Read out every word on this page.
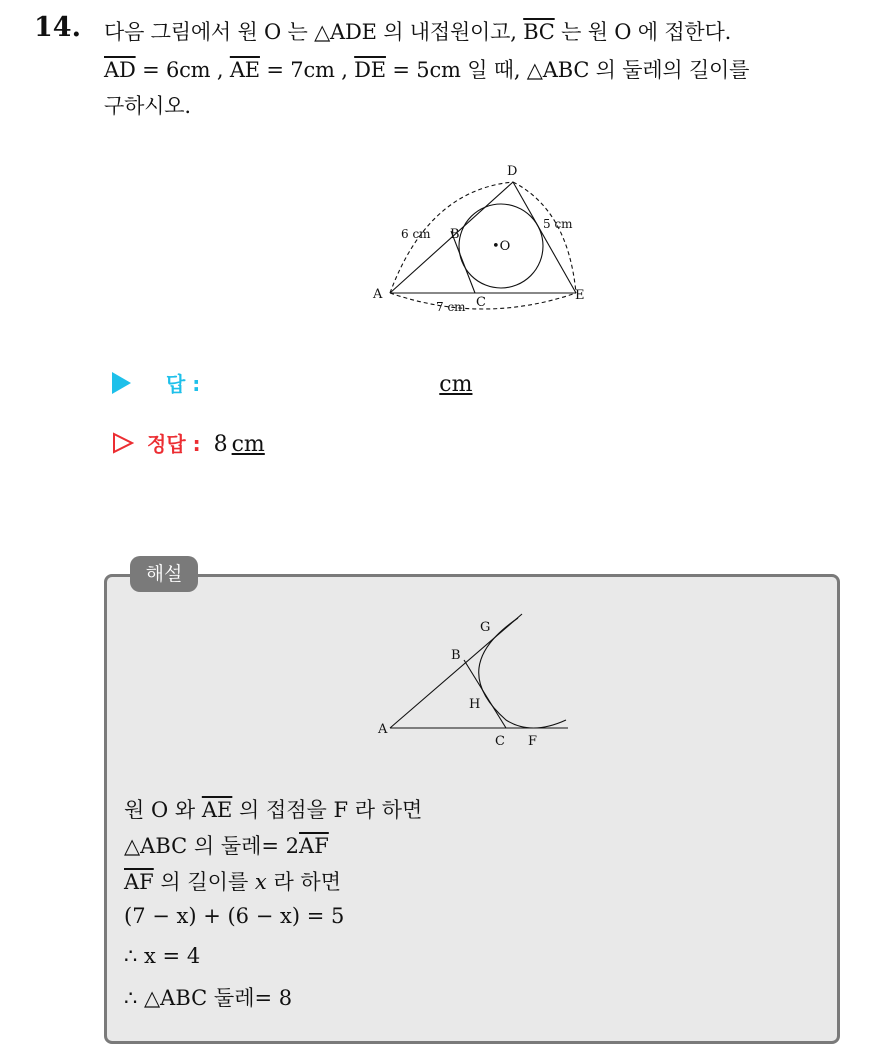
14. 다음 그림에서 원 O 는 △ADE 의 내접원이고, $\overline{BC}$ 는 원 O 에 접한다.
$\overline{AD} = 6cm$ , $\overline{AE} = 7cm$ , $\overline{DE} = 5cm$ 일 때, △ABC 의 둘레의 길이를
구하시오.
D
B
•O
A
C	E
6 cm
5 cm
7 cm
답 :	cm
정답 : 8 cm
해설
G
B
H
A
C F
원 O 와 $\overline{AE}$ 의 접점을 F 라 하면
△ABC 의 둘레= $2\overline{AF}$
$\overline{AF}$ 의 길이를 x 라 하면
(7 − x) + (6 − x) = 5
∴ x = 4
∴ △ABC 둘레= 8
